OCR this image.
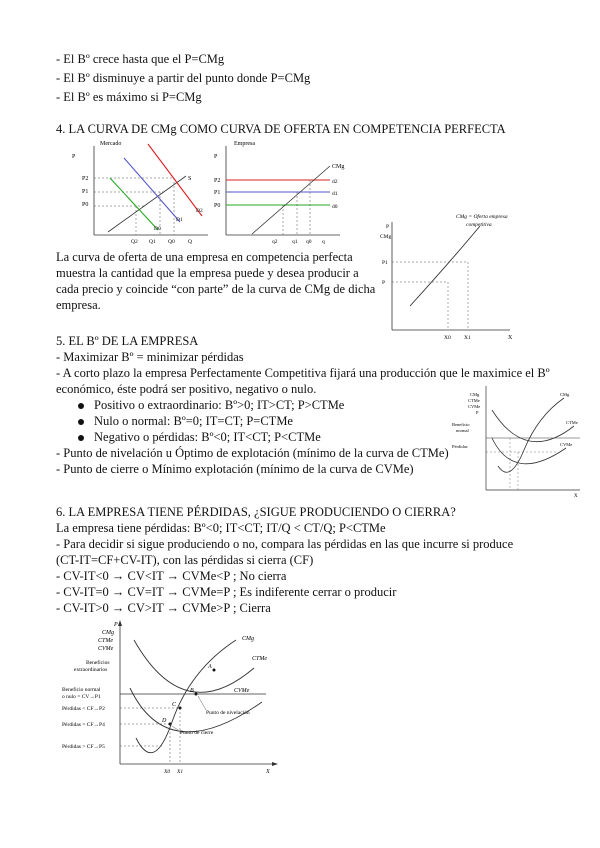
- El Bº crece hasta que el P=CMg
- El Bº disminuye a partir del punto donde P=CMg
- El Bº es máximo si P=CMg
4. LA CURVA DE CMg COMO CURVA DE OFERTA EN COMPETENCIA PERFECTA
Mercado
P
P2
P1
P0
S
D2
D1
D0
Q2 Q1 Q0 Q
Empresa
P
P2
P1
P0
d2
d1
d0
CMg
q2	q1 q0 q
La curva de oferta de una empresa en competencia perfecta
muestra la cantidad que la empresa puede y desea producir a
cada precio y coincide “con parte” de la curva de CMg de dicha
empresa.
CMg = Oferta empresa
competitiva
P
CMg
P1
P
X0 X1	X
5. EL Bº DE LA EMPRESA
- Maximizar Bº = minimizar pérdidas
- A corto plazo la empresa Perfectamente Competitiva fijará una producción que le maximice el Bº
económico, éste podrá ser positivo, negativo o nulo.
Positivo o extraordinario: Bº>0; IT>CT; P>CTMe
Nulo o normal: Bº=0; IT=CT; P=CTMe
Negativo o pérdidas: Bº<0; IT<CT; P<CTMe
- Punto de nivelación u Óptimo de explotación (mínimo de la curva de CTMe)
- Punto de cierre o Mínimo explotación (mínimo de la curva de CVMe)
CMg
CTMe
CVMe
P
Beneficio
normal
Pérdidas
CMg
CTMe
CVMe
X
6. LA EMPRESA TIENE PÉRDIDAS, ¿SIGUE PRODUCIENDO O CIERRA?
La empresa tiene pérdidas: Bº<0; IT<CT; IT/Q < CT/Q; P<CTMe
- Para decidir si sigue produciendo o no, compara las pérdidas en las que incurre si produce
(CT-IT=CF+CV-IT), con las pérdidas si cierra (CF)
- CV-IT<0 → CV<IT → CVMe<P ; No cierra
- CV-IT=0 → CV=IT → CVMe=P ; Es indiferente cerrar o producir
- CV-IT>0 → CV>IT → CVMe>P ; Cierra
P
CMg
CTMe
CVMe
Beneficios
extraordinarios
Beneficio normal
o nulo = CV→P1
Pérdidas < CF→P2
Pérdidas = CF→P4
Pérdidas > CF→P5
CMg
CTMe
CVMe
A
B
C
D
Punto de nivelación
Punto de cierre
X0 X1	X
